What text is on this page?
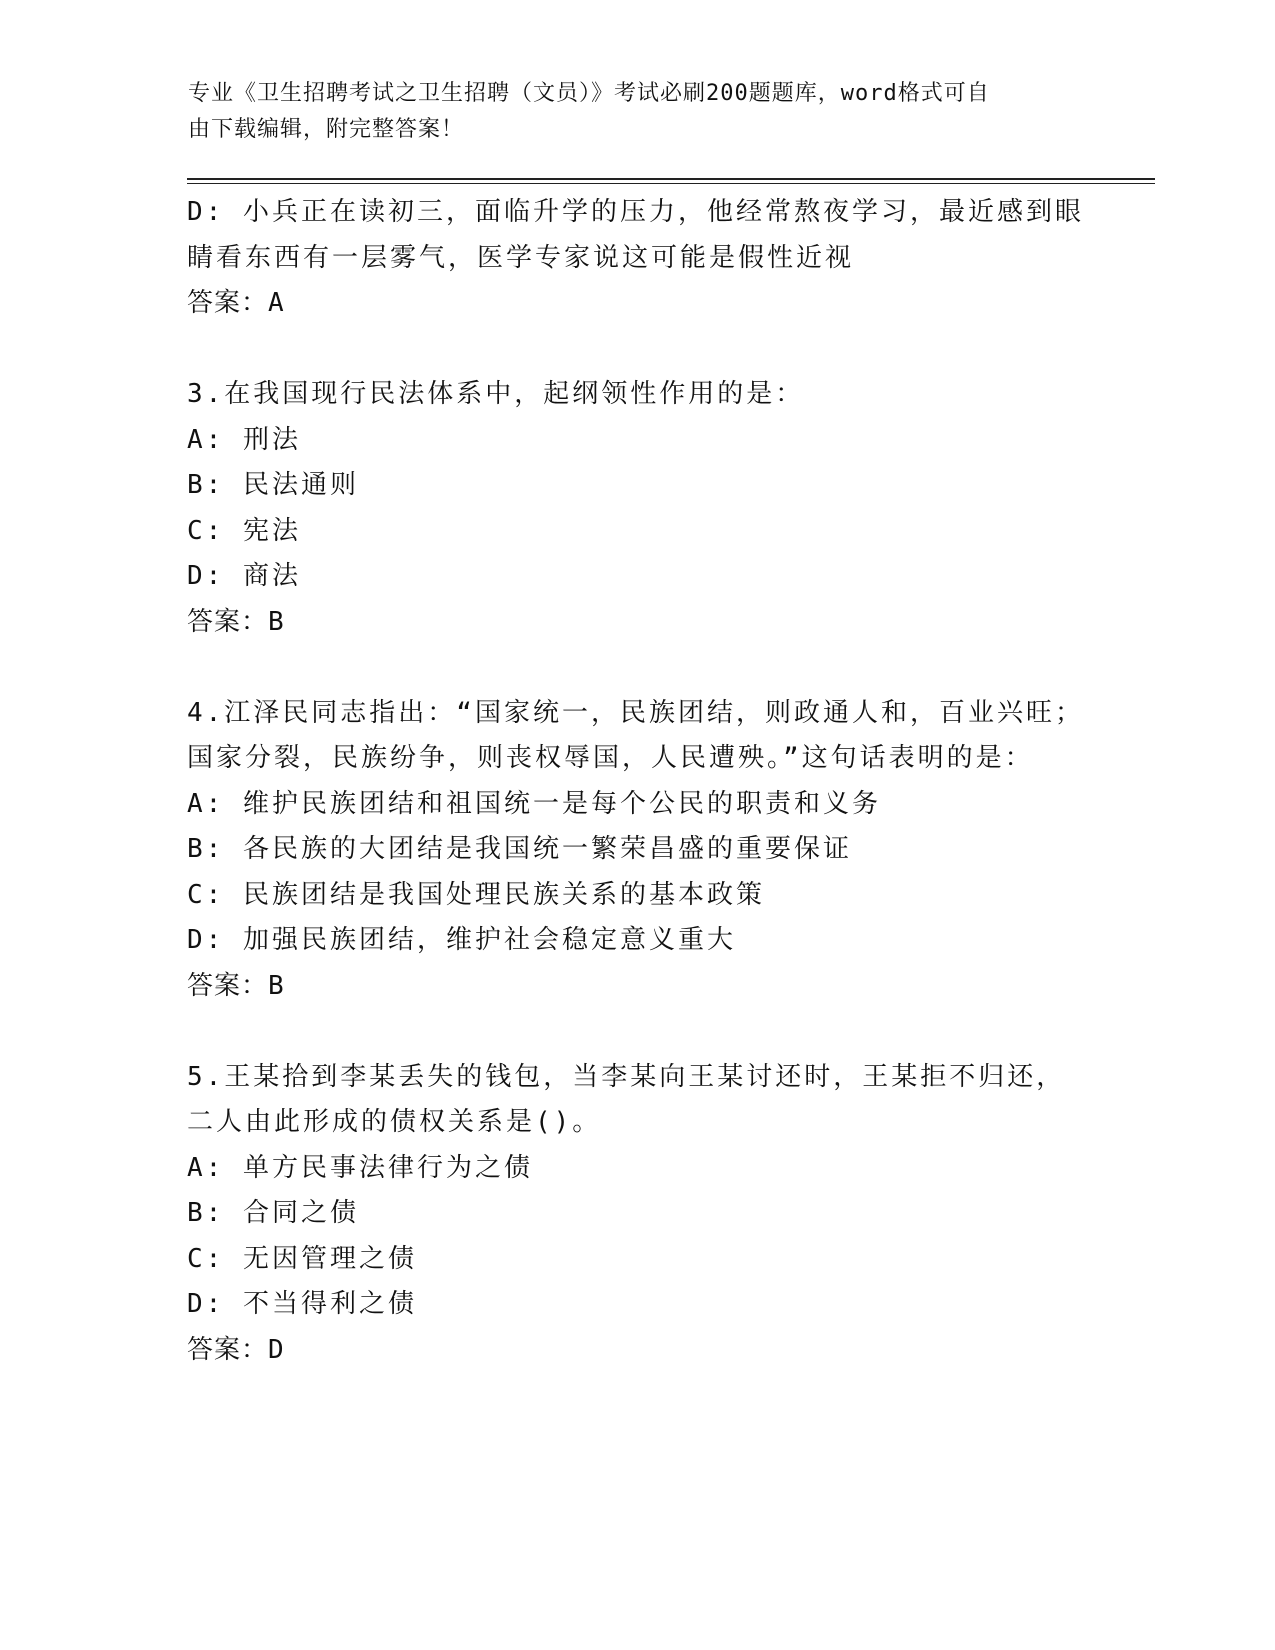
专业《卫生招聘考试之卫生招聘（文员）》考试必刷200题题库，word格式可自
由下载编辑，附完整答案！
D: 小兵正在读初三，面临升学的压力，他经常熬夜学习，最近感到眼
睛看东西有一层雾气，医学专家说这可能是假性近视
答案：A
3.在我国现行民法体系中，起纲领性作用的是：
A: 刑法
B: 民法通则
C: 宪法
D: 商法
答案：B
4.江泽民同志指出：“国家统一，民族团结，则政通人和，百业兴旺；
国家分裂，民族纷争，则丧权辱国，人民遭殃。”这句话表明的是：
A: 维护民族团结和祖国统一是每个公民的职责和义务
B: 各民族的大团结是我国统一繁荣昌盛的重要保证
C: 民族团结是我国处理民族关系的基本政策
D: 加强民族团结，维护社会稳定意义重大
答案：B
5.王某拾到李某丢失的钱包，当李某向王某讨还时，王某拒不归还，
二人由此形成的债权关系是()。
A: 单方民事法律行为之债
B: 合同之债
C: 无因管理之债
D: 不当得利之债
答案：D
